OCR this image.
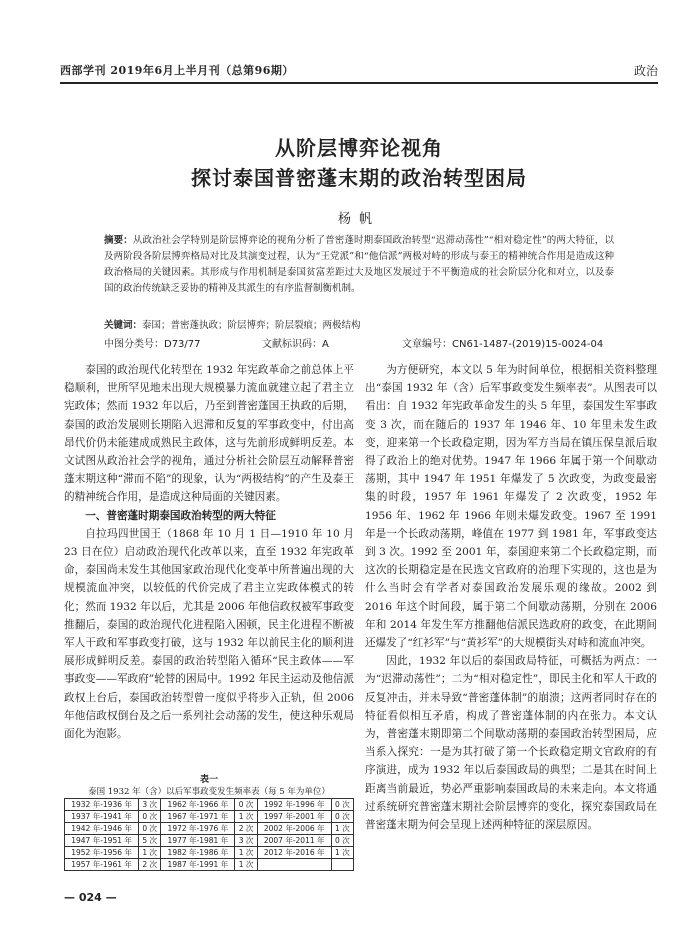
西部学刊 2019年6月上半月刊（总第96期）	政治
从阶层博弈论视角
探讨泰国普密蓬末期的政治转型困局
杨帆
摘要：从政治社会学特别是阶层博弈论的视角分析了普密蓬时期泰国政治转型“迟滞动荡性”“相对稳定性”的两大特征，以及两阶段各阶层博弈格局对比及其演变过程，认为“王党派”和“他信派”两极对峙的形成与泰王的精神统合作用是造成这种政治格局的关键因素。其形成与作用机制是泰国贫富差距过大及地区发展过于不平衡造成的社会阶层分化和对立，以及泰国的政治传统缺乏妥协的精神及其派生的有序监督制衡机制。
关键词：泰国；普密蓬执政；阶层博弈；阶层裂痕；两极结构
中图分类号：D73/77	文献标识码：A	文章编号：CN61-1487-(2019)15-0024-04

泰国的政治现代化转型在 1932 年宪政革命之前总体上平稳顺利，世所罕见地未出现大规模暴力流血就建立起了君主立宪政体；然而 1932 年以后，乃至到普密蓬国王执政的后期，泰国的政治发展则长期陷入迟滞和反复的军事政变中，付出高昂代价仍未能建成成熟民主政体，这与先前形成鲜明反差。本文试图从政治社会学的视角，通过分析社会阶层互动解释普密蓬末期这种“滞而不陷”的现象，认为“两极结构”的产生及泰王的精神统合作用，是造成这种局面的关键因素。

一、普密蓬时期泰国政治转型的两大特征

自拉玛四世国王（1868 年 10 月 1 日—1910 年 10 月 23 日在位）启动政治现代化改革以来，直至 1932 年宪政革命，泰国尚未发生其他国家政治现代化变革中所普遍出现的大规模流血冲突，以较低的代价完成了君主立宪政体模式的转化；然而 1932 年以后，尤其是 2006 年他信政权被军事政变推翻后，泰国的政治现代化进程陷入困顿，民主化进程不断被军人干政和军事政变打破，这与 1932 年以前民主化的顺利进展形成鲜明反差。泰国的政治转型陷入循环“民主政体——军事政变——军政府”轮替的困局中。1992 年民主运动及他信派政权上台后，泰国政治转型曾一度似乎将步入正轨，但 2006 年他信政权倒台及之后一系列社会动荡的发生，使这种乐观局面化为泡影。

表一
泰国 1932 年（含）以后军事政变发生频率表（每 5 年为单位）
1932 年-1936 年	3 次	1962 年-1966 年	0 次	1992 年-1996 年	0 次
1937 年-1941 年	0 次	1967 年-1971 年	1 次	1997 年-2001 年	0 次
1942 年-1946 年	0 次	1972 年-1976 年	2 次	2002 年-2006 年	1 次
1947 年-1951 年	5 次	1977 年-1981 年	3 次	2007 年-2011 年	0 次
1952 年-1956 年	1 次	1982 年-1986 年	1 次	2012 年-2016 年	1 次
1957 年-1961 年	2 次	1987 年-1991 年	1 次		

为方便研究，本文以 5 年为时间单位，根据相关资料整理出“泰国 1932 年（含）后军事政变发生频率表”。从图表可以看出：自 1932 年宪政革命发生的头 5 年里，泰国发生军事政变 3 次，而在随后的 1937 年 1946 年、10 年里未发生政变，迎来第一个长政稳定期，因为军方当局在镇压保皇派后取得了政治上的绝对优势。1947 年 1966 年属于第一个间歇动荡期，其中 1947 年 1951 年爆发了 5 次政变，为政变最密集的时段，1957 年 1961 年爆发了 2 次政变，1952 年 1956 年、1962 年 1966 年则未爆发政变。1967 至 1991 年是一个长政动荡期，峰值在 1977 到 1981 年，军事政变达到 3 次。1992 至 2001 年，泰国迎来第二个长政稳定期，而这次的长期稳定是在民选文官政府的治理下实现的，这也是为什么当时会有学者对泰国政治发展乐观的缘故。2002 到 2016 年这个时间段，属于第二个间歇动荡期，分别在 2006 年和 2014 年发生军方推翻他信派民选政府的政变，在此期间还爆发了“红衫军”与“黄衫军”的大规模街头对峙和流血冲突。

因此，1932 年以后的泰国政局特征，可概括为两点：一为“迟滞动荡性”；二为“相对稳定性”，即民主化和军人干政的反复冲击，并未导致“普密蓬体制”的崩溃；这两者同时存在的特征看似相互矛盾，构成了普密蓬体制的内在张力。本文认为，普密蓬末期即第二个间歇动荡期的泰国政治转型困局，应当系入探究：一是为其打破了第一个长政稳定期文官政府的有序演进，成为 1932 年以后泰国政局的典型；二是其在时间上距离当前最近，势必严重影响泰国政局的未来走向。本文将通过系统研究普密蓬末期社会阶层博弈的变化，探究泰国政局在普密蓬末期为何会呈现上述两种特征的深层原因。

— 024 —
